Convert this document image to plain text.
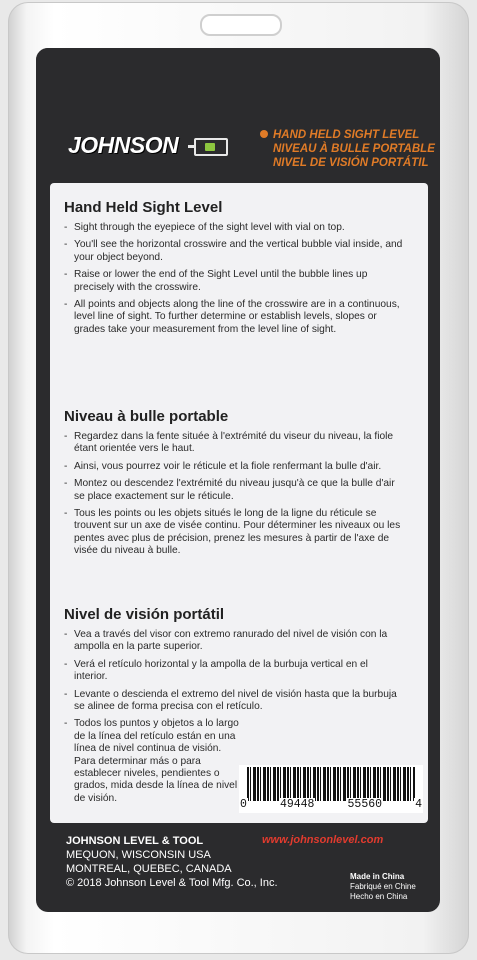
JOHNSON	HAND HELD SIGHT LEVEL
NIVEAU À BULLE PORTABLE
NIVEL DE VISIÓN PORTÁTIL
Hand Held Sight Level
- Sight through the eyepiece of the sight level with vial on top.
- You'll see the horizontal crosswire and the vertical bubble vial inside, and your object beyond.
- Raise or lower the end of the Sight Level until the bubble lines up precisely with the crosswire.
- All points and objects along the line of the crosswire are in a continuous, level line of sight. To further determine or establish levels, slopes or grades take your measurement from the level line of sight.
Niveau à bulle portable
- Regardez dans la fente située à l'extrémité du viseur du niveau, la fiole étant orientée vers le haut.
- Ainsi, vous pourrez voir le réticule et la fiole renfermant la bulle d'air.
- Montez ou descendez l'extrémité du niveau jusqu'à ce que la bulle d'air se place exactement sur le réticule.
- Tous les points ou les objets situés le long de la ligne du réticule se trouvent sur un axe de visée continu. Pour déterminer les niveaux ou les pentes avec plus de précision, prenez les mesures à partir de l'axe de visée du niveau à bulle.
Nivel de visión portátil
- Vea a través del visor con extremo ranurado del nivel de visión con la ampolla en la parte superior.
- Verá el retículo horizontal y la ampolla de la burbuja vertical en el interior.
- Levante o descienda el extremo del nivel de visión hasta que la burbuja se alinee de forma precisa con el retículo.
- Todos los puntos y objetos a lo largo de la línea del retículo están en una línea de nivel continua de visión. Para determinar más o para establecer niveles, pendientes o grados, mida desde la línea de nivel de visión.	0	49448	55560	4
JOHNSON LEVEL & TOOL
MEQUON, WISCONSIN USA
MONTREAL, QUEBEC, CANADA
© 2018 Johnson Level & Tool Mfg. Co., Inc.
www.johnsonlevel.com
Made in China
Fabriqué en Chine
Hecho en China
